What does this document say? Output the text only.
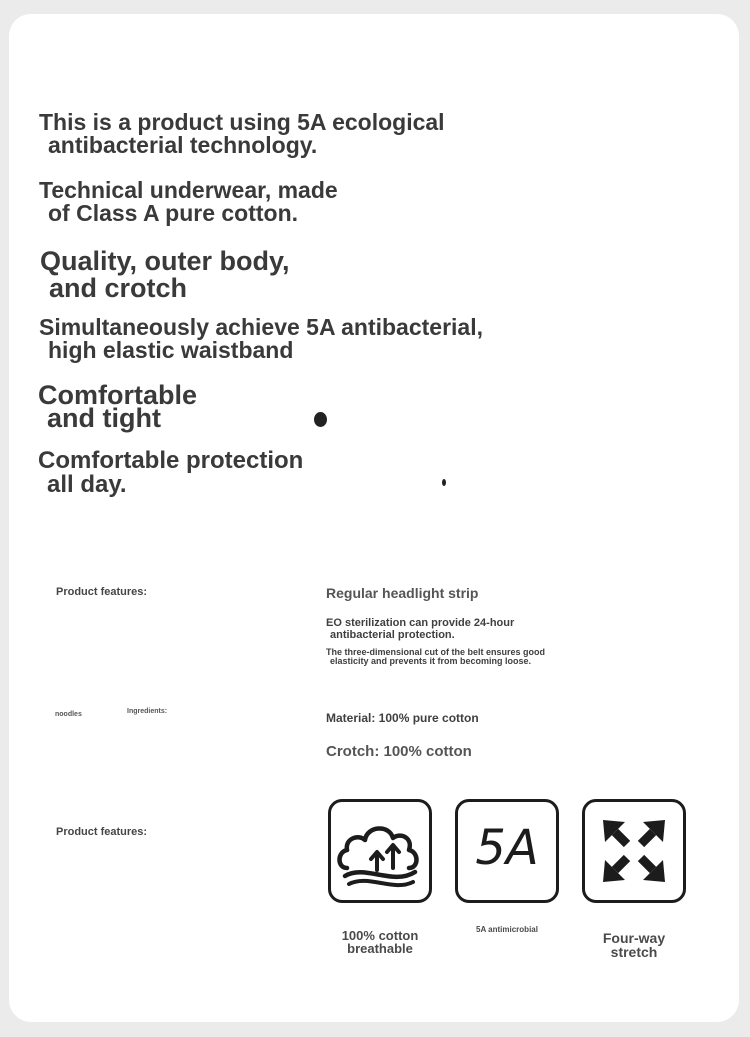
This is a product using 5A ecological
antibacterial technology.
Technical underwear, made
of Class A pure cotton.
Quality, outer body,
and crotch
Simultaneously achieve 5A antibacterial,
high elastic waistband
Comfortable
and tight
Comfortable protection
all day.
Product features:	Regular headlight strip
EO sterilization can provide 24-hour
antibacterial protection.
The three-dimensional cut of the belt ensures good
elasticity and prevents it from becoming loose.
noodles	Ingredients:	Material: 100% pure cotton
Crotch: 100% cotton
Product features:	5A
100% cotton
breathable
5A antimicrobial
Four-way
stretch
